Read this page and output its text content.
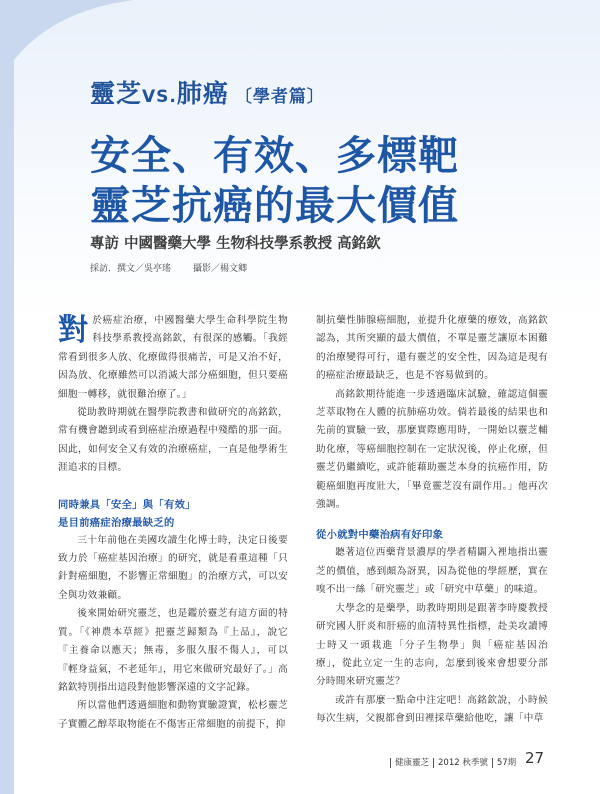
靈芝VS.肺癌 〔學者篇〕
安全、有效、多標靶
靈芝抗癌的最大價值
專訪 中國醫藥大學 生物科技學系教授 高銘欽
採訪．撰文／吳亭瑤 攝影／楊文卿

對於癌症治療，中國醫藥大學生命科學院生物科技學系教授高銘欽，有很深的感觸。「我經常看到很多人放、化療做得很痛苦，可是又治不好，因為放、化療雖然可以消滅大部分癌細胞，但只要癌細胞一轉移，就很難治療了。」

從助教時期就在醫學院教書和做研究的高銘欽，常有機會聽到或看到癌症治療過程中殘酷的那一面。因此，如何安全又有效的治療癌症，一直是他學術生涯追求的目標。

同時兼具「安全」與「有效」
是目前癌症治療最缺乏的

三十年前他在美國攻讀生化博士時，決定日後要致力於「癌症基因治療」的研究，就是看重這種「只針對癌細胞，不影響正常細胞」的治療方式，可以安全與功效兼顧。

後來開始研究靈芝，也是鑑於靈芝有這方面的特質。「《神農本草經》把靈芝歸類為『上品』，說它『主養命以應天；無毒，多服久服不傷人』，可以『輕身益氣，不老延年』，用它來做研究最好了。」高銘欽特別指出這段對他影響深遠的文字記錄。

所以當他們透過細胞和動物實驗證實，松杉靈芝子實體乙醇萃取物能在不傷害正常細胞的前提下，抑

制抗藥性肺腺癌細胞，並提升化療藥的療效，高銘欽認為，其所突顯的最大價值，不單是靈芝讓原本困難的治療變得可行，還有靈芝的安全性，因為這是現有的癌症治療最缺乏，也是不容易做到的。

高銘欽期待能進一步透過臨床試驗，確認這個靈芝萃取物在人體的抗肺癌功效。倘若最後的結果也和先前的實驗一致，那麼實際應用時，一開始以靈芝輔助化療，等癌細胞控制在一定狀況後，停止化療，但靈芝仍繼續吃，或許能藉助靈芝本身的抗癌作用，防範癌細胞再度壯大，「畢竟靈芝沒有副作用。」他再次強調。

從小就對中藥治病有好印象

聽著這位西藥背景濃厚的學者精闢入裡地指出靈芝的價值，感到頗為訝異，因為從他的學經歷，實在嗅不出一絲「研究靈芝」或「研究中草藥」的味道。

大學念的是藥學，助教時期則是跟著李時慶教授研究國人肝炎和肝癌的血清特異性指標，赴美攻讀博士時又一頭栽進「分子生物學」與「癌症基因治療」，從此立定一生的志向，怎麼到後來會想要分部分時間來研究靈芝？

或許有那麼一點命中注定吧！高銘欽說，小時候每次生病，父親都會到田裡採草藥給他吃，讓「中草

健康靈芝 2012 秋季號 57期 27
